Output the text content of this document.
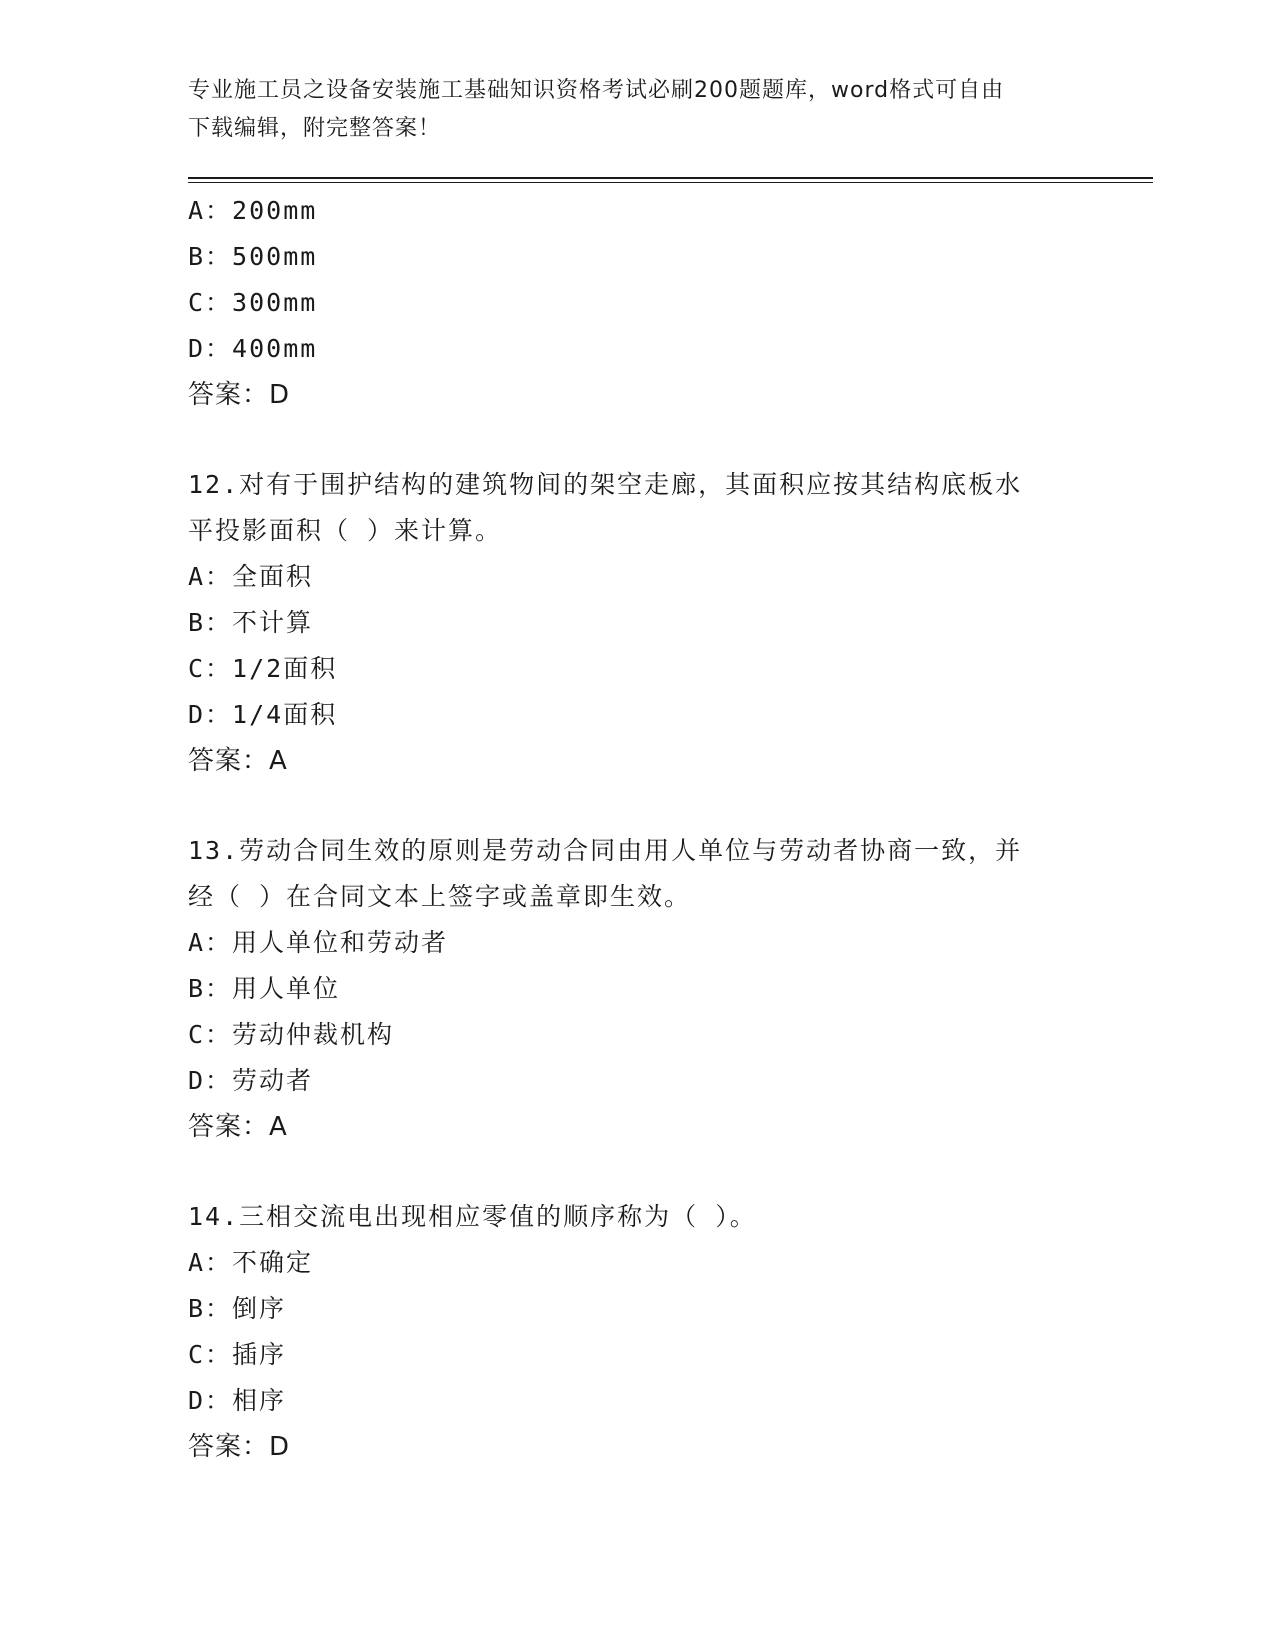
专业施工员之设备安装施工基础知识资格考试必刷200题题库，word格式可自由
下载编辑，附完整答案！
A：200mm
B：500mm
C：300mm
D：400mm
答案：D
12.对有于围护结构的建筑物间的架空走廊，其面积应按其结构底板水
平投影面积（ ）来计算。
A：全面积
B：不计算
C：1/2面积
D：1/4面积
答案：A
13.劳动合同生效的原则是劳动合同由用人单位与劳动者协商一致，并
经（ ）在合同文本上签字或盖章即生效。
A：用人单位和劳动者
B：用人单位
C：劳动仲裁机构
D：劳动者
答案：A
14.三相交流电出现相应零值的顺序称为（ ）。
A：不确定
B：倒序
C：插序
D：相序
答案：D
